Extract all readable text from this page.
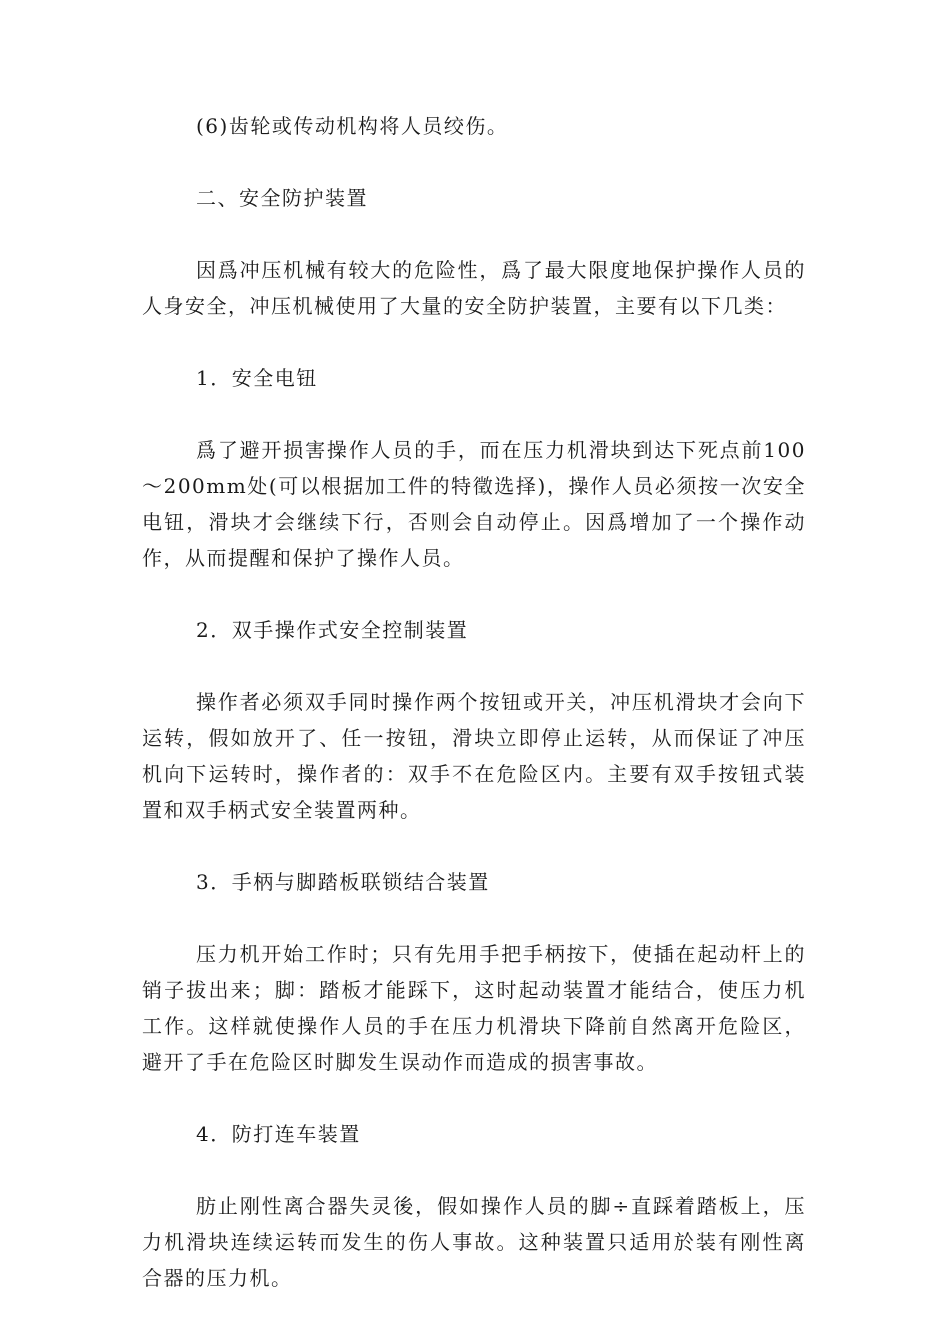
(6)齿轮或传动机构将人员绞伤。

二、安全防护装置

因爲冲压机械有较大的危险性，爲了最大限度地保护操作人员的人身安全，冲压机械使用了大量的安全防护装置，主要有以下几类：

1．安全电钮

爲了避开损害操作人员的手，而在压力机滑块到达下死点前100～200mm处(可以根据加工件的特徵选择)，操作人员必须按一次安全电钮，滑块才会继续下行，否则会自动停止。因爲增加了一个操作动作，从而提醒和保护了操作人员。

2．双手操作式安全控制装置

操作者必须双手同时操作两个按钮或开关，冲压机滑块才会向下运转，假如放开了、任一按钮，滑块立即停止运转，从而保证了冲压机向下运转时，操作者的：双手不在危险区内。主要有双手按钮式装置和双手柄式安全装置两种。

3．手柄与脚踏板联锁结合装置

压力机开始工作时；只有先用手把手柄按下，使插在起动杆上的销子拔出来；脚：踏板才能踩下，这时起动装置才能结合，使压力机工作。这样就使操作人员的手在压力机滑块下降前自然离开危险区，避开了手在危险区时脚发生误动作而造成的损害事故。

4．防打连车装置

肪止刚性离合器失灵後，假如操作人员的脚÷直踩着踏板上，压力机滑块连续运转而发生的伤人事故。这种装置只适用於装有刚性离合器的压力机。
